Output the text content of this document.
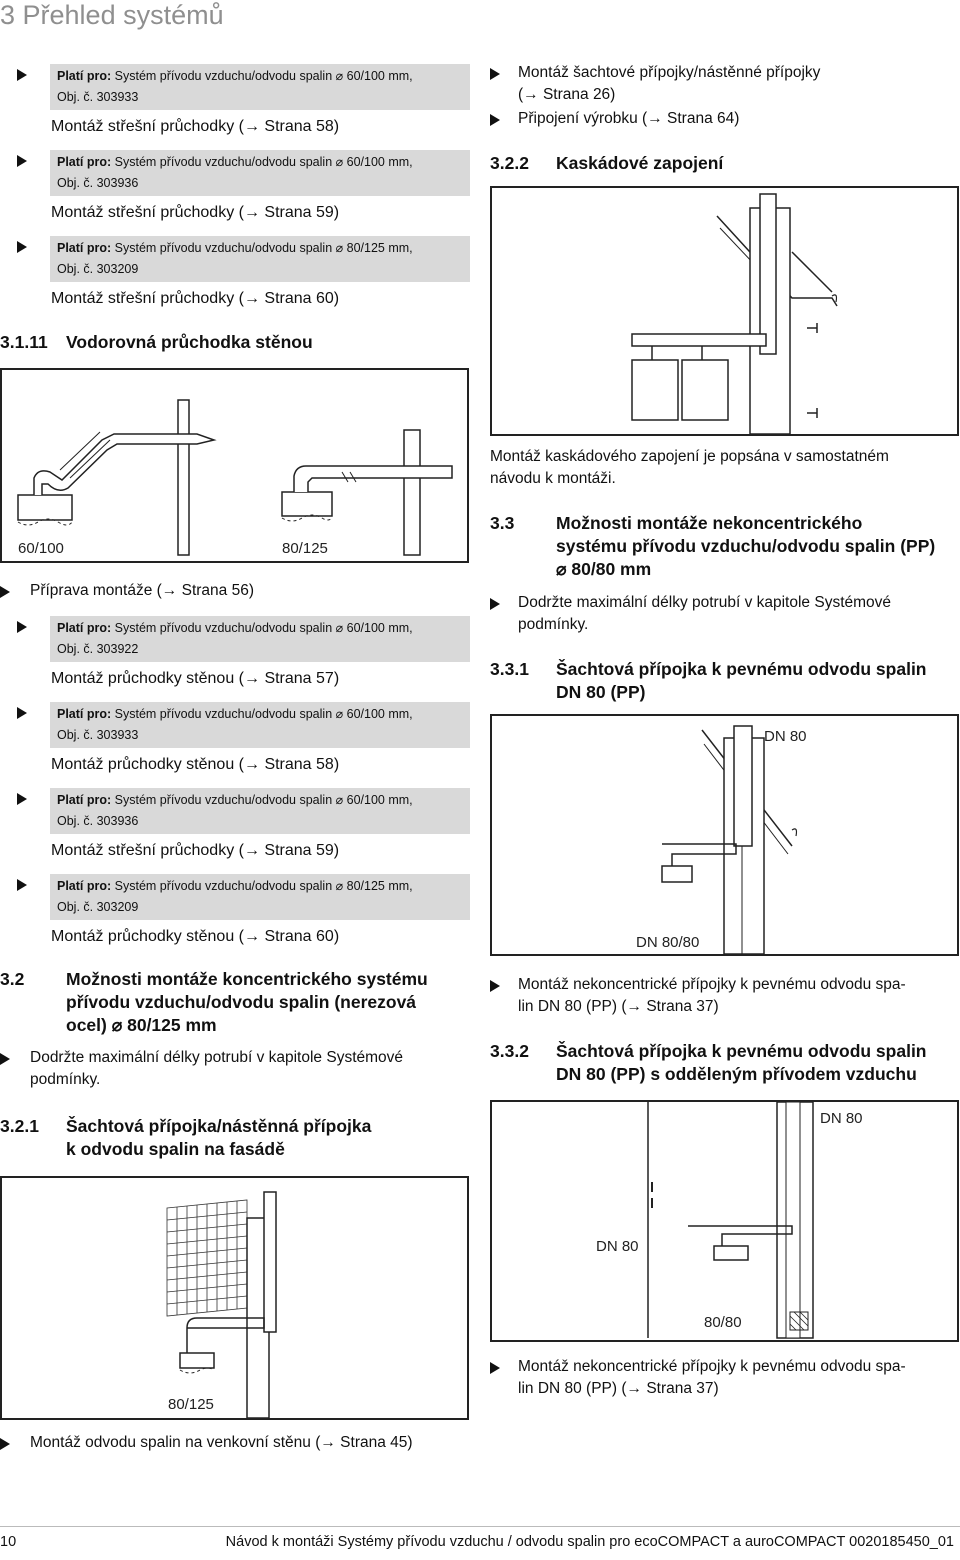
3 Přehled systémů
Platí pro: Systém přívodu vzduchu/odvodu spalin ⌀ 60/100 mm,
Obj. č. 303933
Montáž střešní průchodky (→ Strana 58)
Platí pro: Systém přívodu vzduchu/odvodu spalin ⌀ 60/100 mm,
Obj. č. 303936
Montáž střešní průchodky (→ Strana 59)
Platí pro: Systém přívodu vzduchu/odvodu spalin ⌀ 80/125 mm,
Obj. č. 303209
Montáž střešní průchodky (→ Strana 60)
3.1.11 Vodorovná průchodka stěnou
60/100	80/125
Příprava montáže (→ Strana 56)
Platí pro: Systém přívodu vzduchu/odvodu spalin ⌀ 60/100 mm,
Obj. č. 303922
Montáž průchodky stěnou (→ Strana 57)
Platí pro: Systém přívodu vzduchu/odvodu spalin ⌀ 60/100 mm,
Obj. č. 303933
Montáž průchodky stěnou (→ Strana 58)
Platí pro: Systém přívodu vzduchu/odvodu spalin ⌀ 60/100 mm,
Obj. č. 303936
Montáž střešní průchodky (→ Strana 59)
Platí pro: Systém přívodu vzduchu/odvodu spalin ⌀ 80/125 mm,
Obj. č. 303209
Montáž průchodky stěnou (→ Strana 60)
3.2 Možnosti montáže koncentrického systému
přívodu vzduchu/odvodu spalin (nerezová
ocel) ⌀ 80/125 mm
Dodržte maximální délky potrubí v kapitole Systémové
podmínky.
3.2.1 Šachtová přípojka/nástěnná přípojka
k odvodu spalin na fasádě
80/125
Montáž odvodu spalin na venkovní stěnu (→ Strana 45)
Montáž šachtové přípojky/nástěnné přípojky
(→ Strana 26)
Připojení výrobku (→ Strana 64)
3.2.2 Kaskádové zapojení
Montáž kaskádového zapojení je popsána v samostatném
návodu k montáži.
3.3 Možnosti montáže nekoncentrického
systému přívodu vzduchu/odvodu spalin (PP)
⌀ 80/80 mm
Dodržte maximální délky potrubí v kapitole Systémové
podmínky.
3.3.1 Šachtová přípojka k pevnému odvodu spalin
DN 80 (PP)
DN 80
DN 80/80
Montáž nekoncentrické přípojky k pevnému odvodu spa-
lin DN 80 (PP) (→ Strana 37)
3.3.2 Šachtová přípojka k pevnému odvodu spalin
DN 80 (PP) s odděleným přívodem vzduchu
DN 80
DN 80
80/80
Montáž nekoncentrické přípojky k pevnému odvodu spa-
lin DN 80 (PP) (→ Strana 37)
10	Návod k montáži Systémy přívodu vzduchu / odvodu spalin pro ecoCOMPACT a auroCOMPACT 0020185450_01
